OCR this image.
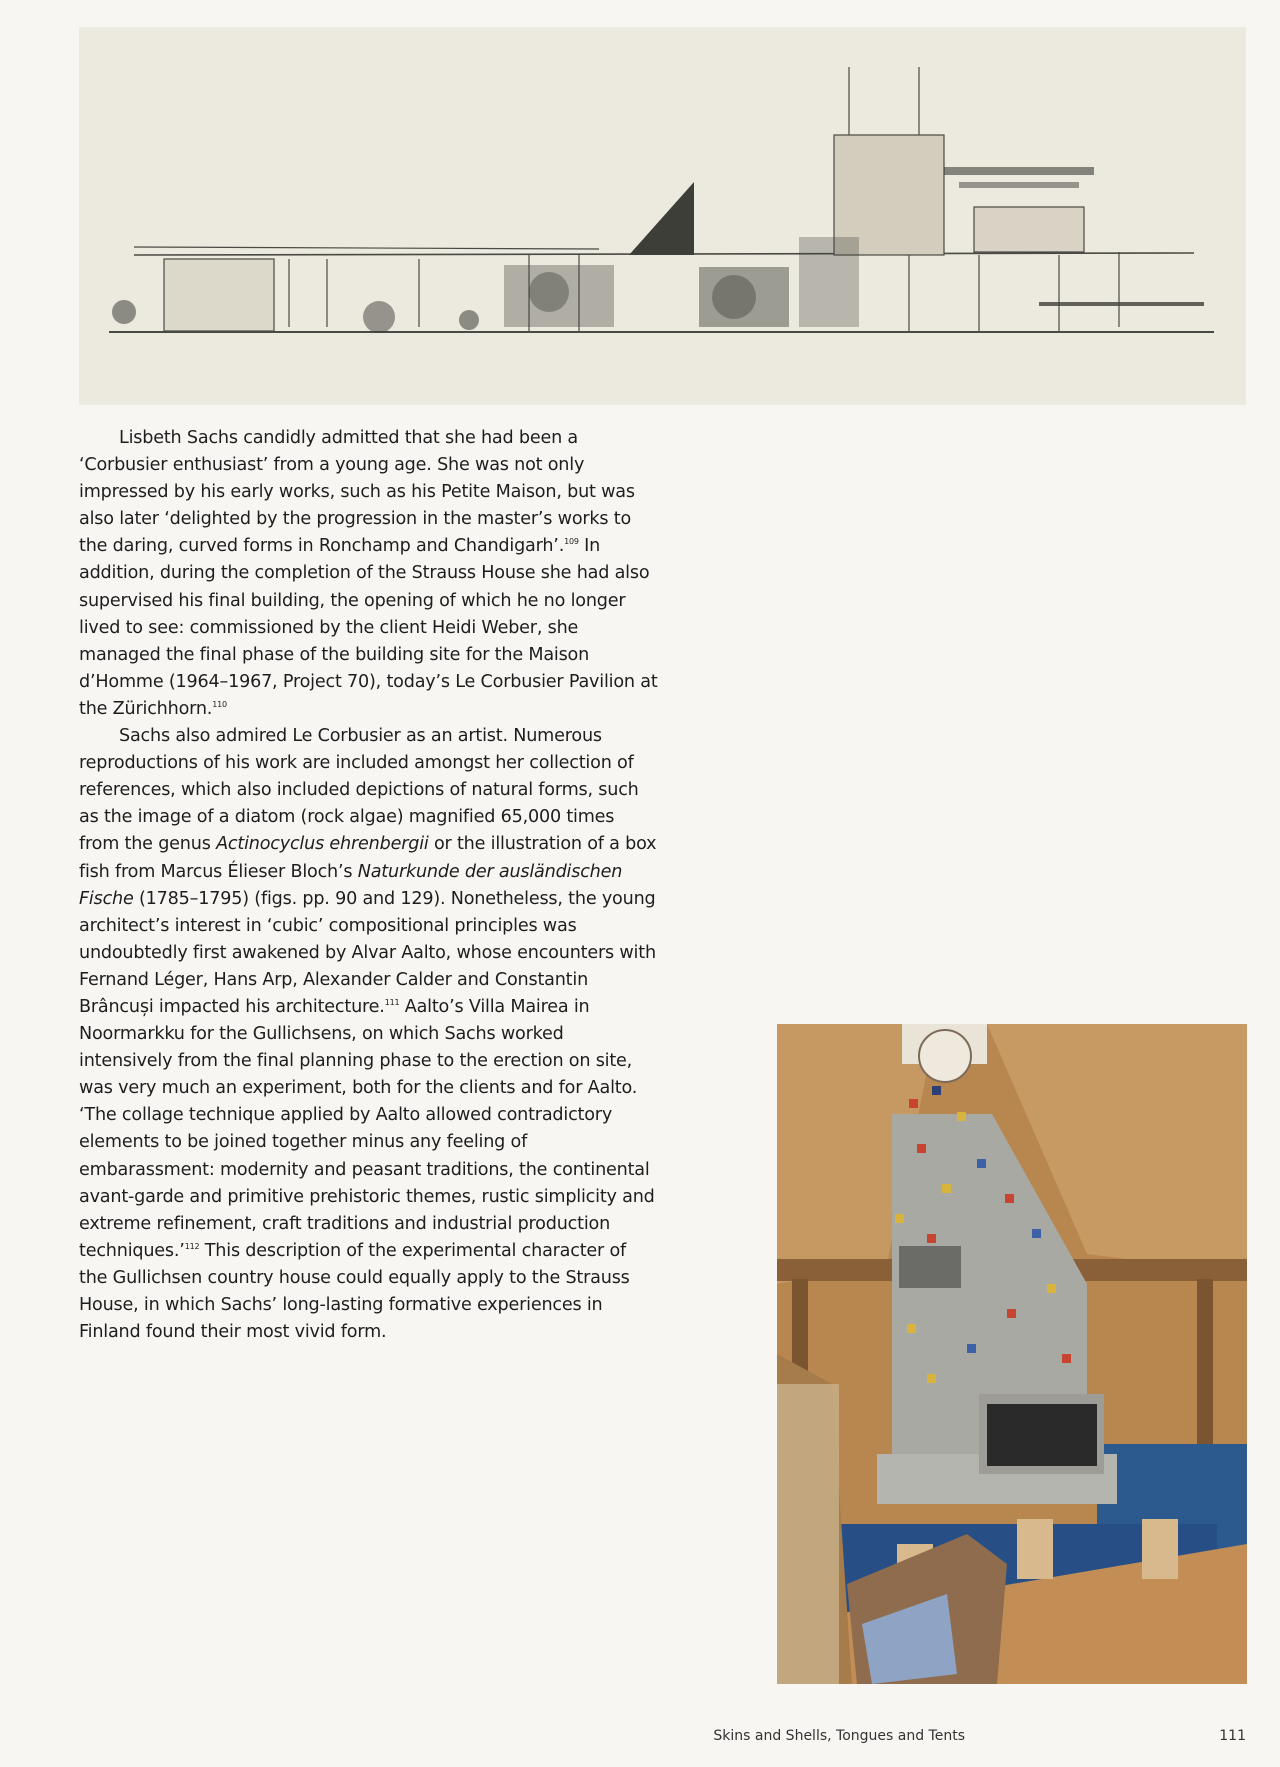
Lisbeth Sachs candidly admitted that she had been a ‘Corbusier enthusiast’ from a young age. She was not only impressed by his early works, such as his Petite Maison, but was also later ‘delighted by the progression in the master’s works to the daring, curved forms in Ronchamp and Chandigarh’.$^{109}$ In addition, during the completion of the Strauss House she had also supervised his final building, the opening of which he no longer lived to see: commissioned by the client Heidi Weber, she managed the final phase of the building site for the Maison d’Homme (1964–1967, Project 70), today’s Le Corbusier Pavilion at the Zürichhorn.$^{110}$

Sachs also admired Le Corbusier as an artist. Numerous reproductions of his work are included amongst her collection of references, which also included depictions of natural forms, such as the image of a diatom (rock algae) magnified 65,000 times from the genus Actinocyclus ehrenbergii or the illustration of a box fish from Marcus Élieser Bloch’s Naturkunde der ausländischen Fische (1785–1795) (figs. pp. 90 and 129). Nonetheless, the young architect’s interest in ‘cubic’ compositional principles was undoubtedly first awakened by Alvar Aalto, whose encounters with Fernand Léger, Hans Arp, Alexander Calder and Constantin Brâncuși impacted his architecture.$^{111}$ Aalto’s Villa Mairea in Noormarkku for the Gullichsens, on which Sachs worked intensively from the final planning phase to the erection on site, was very much an experiment, both for the clients and for Aalto. ‘The collage technique applied by Aalto allowed contradictory elements to be joined together minus any feeling of embarassment: modernity and peasant traditions, the continental avant-garde and primitive prehistoric themes, rustic simplicity and extreme refinement, craft traditions and industrial production techniques.’$^{112}$ This description of the experimental character of the Gullichsen country house could equally apply to the Strauss House, in which Sachs’ long-lasting formative experiences in Finland found their most vivid form.

Skins and Shells, Tongues and Tents	111
